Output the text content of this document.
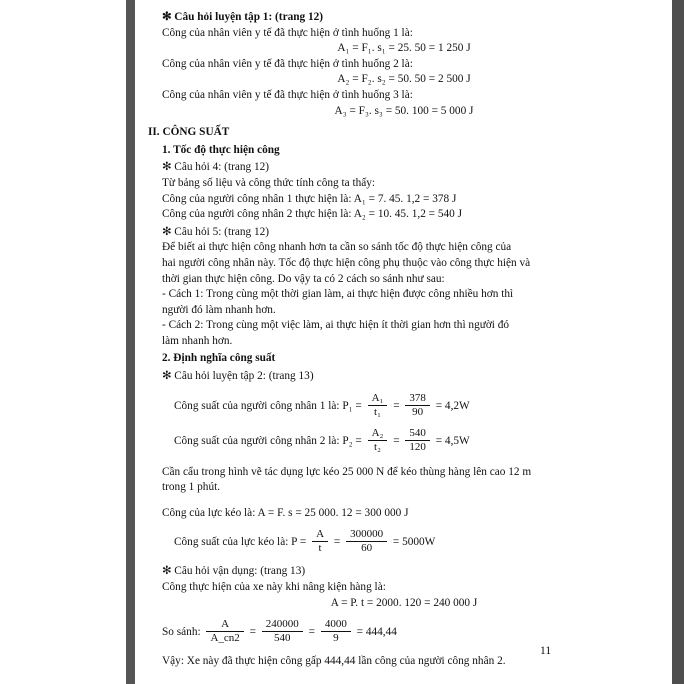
✻ Câu hỏi luyện tập 1: (trang 12)
Công của nhân viên y tế đã thực hiện ở tình huống 1 là:
A₁ = F₁. s₁ = 25. 50 = 1 250 J
Công của nhân viên y tế đã thực hiện ở tình huống 2 là:
A₂ = F₂. s₂ = 50. 50 = 2 500 J
Công của nhân viên y tế đã thực hiện ở tình huống 3 là:
A₃ = F₃. s₃ = 50. 100 = 5 000 J
II. CÔNG SUẤT
1. Tốc độ thực hiện công
✻ Câu hỏi 4: (trang 12)
Từ bảng số liệu và công thức tính công ta thấy:
Công của người công nhân 1 thực hiện là: A₁ = 7. 45. 1,2 = 378 J
Công của người công nhân 2 thực hiện là: A₂ = 10. 45. 1,2 = 540 J
✻ Câu hỏi 5: (trang 12)
Để biết ai thực hiện công nhanh hơn ta cần so sánh tốc độ thực hiện công của
hai người công nhân này. Tốc độ thực hiện công phụ thuộc vào công thực hiện và
thời gian thực hiện công. Do vậy ta có 2 cách so sánh như sau:
- Cách 1: Trong cùng một thời gian làm, ai thực hiện được công nhiều hơn thì
người đó làm nhanh hơn.
- Cách 2: Trong cùng một việc làm, ai thực hiện ít thời gian hơn thì người đó
làm nhanh hơn.
2. Định nghĩa công suất
✻ Câu hỏi luyện tập 2: (trang 13)
Công suất của người công nhân 1 là: $P_1 = \frac{\text{A₁}}{\text{t₁}} = \frac{378}{90} = 4,2W$
Công suất của người công nhân 2 là: $P_2 = \frac{\text{A₂}}{\text{t₂}} = \frac{540}{120} = 4,5W$
Cần cẩu trong hình vẽ tác dụng lực kéo 25 000 N để kéo thùng hàng lên cao 12 m
trong 1 phút.
Công của lực kéo là: A = F. s = 25 000. 12 = 300 000 J
Công suất của lực kéo là: $P = \frac{A}{t} = \frac{300000}{60} = 5000W$
✻ Câu hỏi vận dụng: (trang 13)
Công thực hiện của xe này khi nâng kiện hàng là:
A = P. t = 2000. 120 = 240 000 J
So sánh: $\frac{A}{A\_cn2} = \frac{240000}{540} = \frac{4000}{9} = 444,44$
Vậy: Xe này đã thực hiện công gấp 444,44 lần công của người công nhân 2.
11
